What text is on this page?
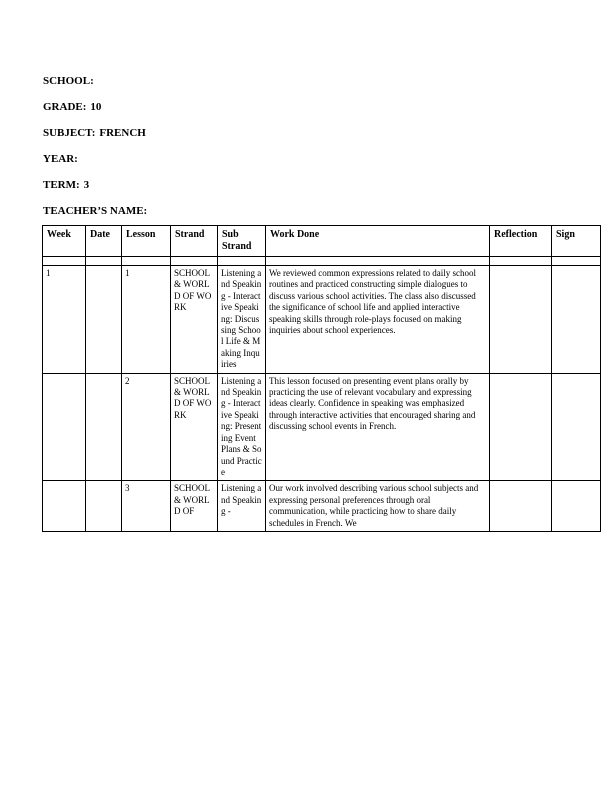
SCHOOL:
GRADE: 10
SUBJECT: FRENCH
YEAR:
TERM: 3
TEACHER’S NAME:
Week	Date	Lesson	Strand	Sub Strand	Work Done	Reflection	Sign

1		1	SCHOOL & WORLD OF WORK	Listening and Speaking - Interactive Speaking: Discussing School Life & Making Inquiries	We reviewed common expressions related to daily school routines and practiced constructing simple dialogues to discuss various school activities. The class also discussed the significance of school life and applied interactive speaking skills through role-plays focused on making inquiries about school experiences.		
		2	SCHOOL & WORLD OF WORK	Listening and Speaking - Interactive Speaking: Presenting Event Plans & Sound Practice	This lesson focused on presenting event plans orally by practicing the use of relevant vocabulary and expressing ideas clearly. Confidence in speaking was emphasized through interactive activities that encouraged sharing and discussing school events in French.		
		3	SCHOOL & WORLD OF	Listening and Speaking -	Our work involved describing various school subjects and expressing personal preferences through oral communication, while practicing how to share daily schedules in French. We		
